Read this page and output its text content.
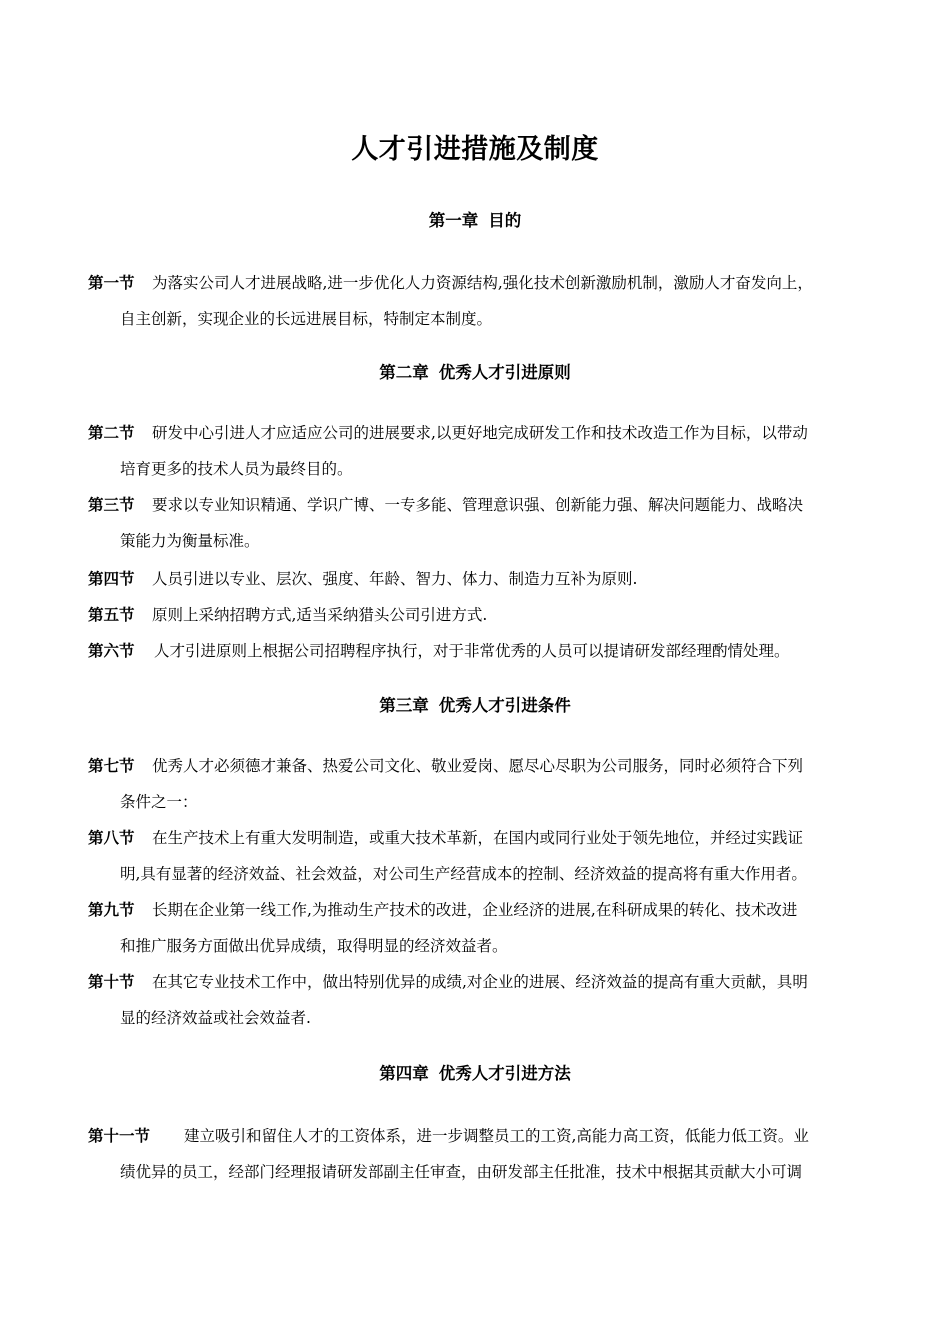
人才引进措施及制度
第一章 目的
第一节 为落实公司人才进展战略,进一步优化人力资源结构,强化技术创新激励机制，激励人才奋发向上，
自主创新，实现企业的长远进展目标，特制定本制度。
第二章 优秀人才引进原则
第二节 研发中心引进人才应适应公司的进展要求,以更好地完成研发工作和技术改造工作为目标，以带动
培育更多的技术人员为最终目的。
第三节 要求以专业知识精通、学识广博、一专多能、管理意识强、创新能力强、解决问题能力、战略决
策能力为衡量标准。
第四节 人员引进以专业、层次、强度、年龄、智力、体力、制造力互补为原则.
第五节 原则上采纳招聘方式,适当采纳猎头公司引进方式.
第六节 人才引进原则上根据公司招聘程序执行，对于非常优秀的人员可以提请研发部经理酌情处理。
第三章 优秀人才引进条件
第七节 优秀人才必须德才兼备、热爱公司文化、敬业爱岗、愿尽心尽职为公司服务，同时必须符合下列
条件之一：
第八节 在生产技术上有重大发明制造，或重大技术革新，在国内或同行业处于领先地位，并经过实践证
明,具有显著的经济效益、社会效益，对公司生产经营成本的控制、经济效益的提高将有重大作用者。
第九节 长期在企业第一线工作,为推动生产技术的改进，企业经济的进展,在科研成果的转化、技术改进
和推广服务方面做出优异成绩，取得明显的经济效益者。
第十节 在其它专业技术工作中，做出特别优异的成绩,对企业的进展、经济效益的提高有重大贡献，具明
显的经济效益或社会效益者.
第四章 优秀人才引进方法
第十一节 建立吸引和留住人才的工资体系，进一步调整员工的工资,高能力高工资，低能力低工资。业
绩优异的员工，经部门经理报请研发部副主任审查，由研发部主任批准，技术中根据其贡献大小可调
